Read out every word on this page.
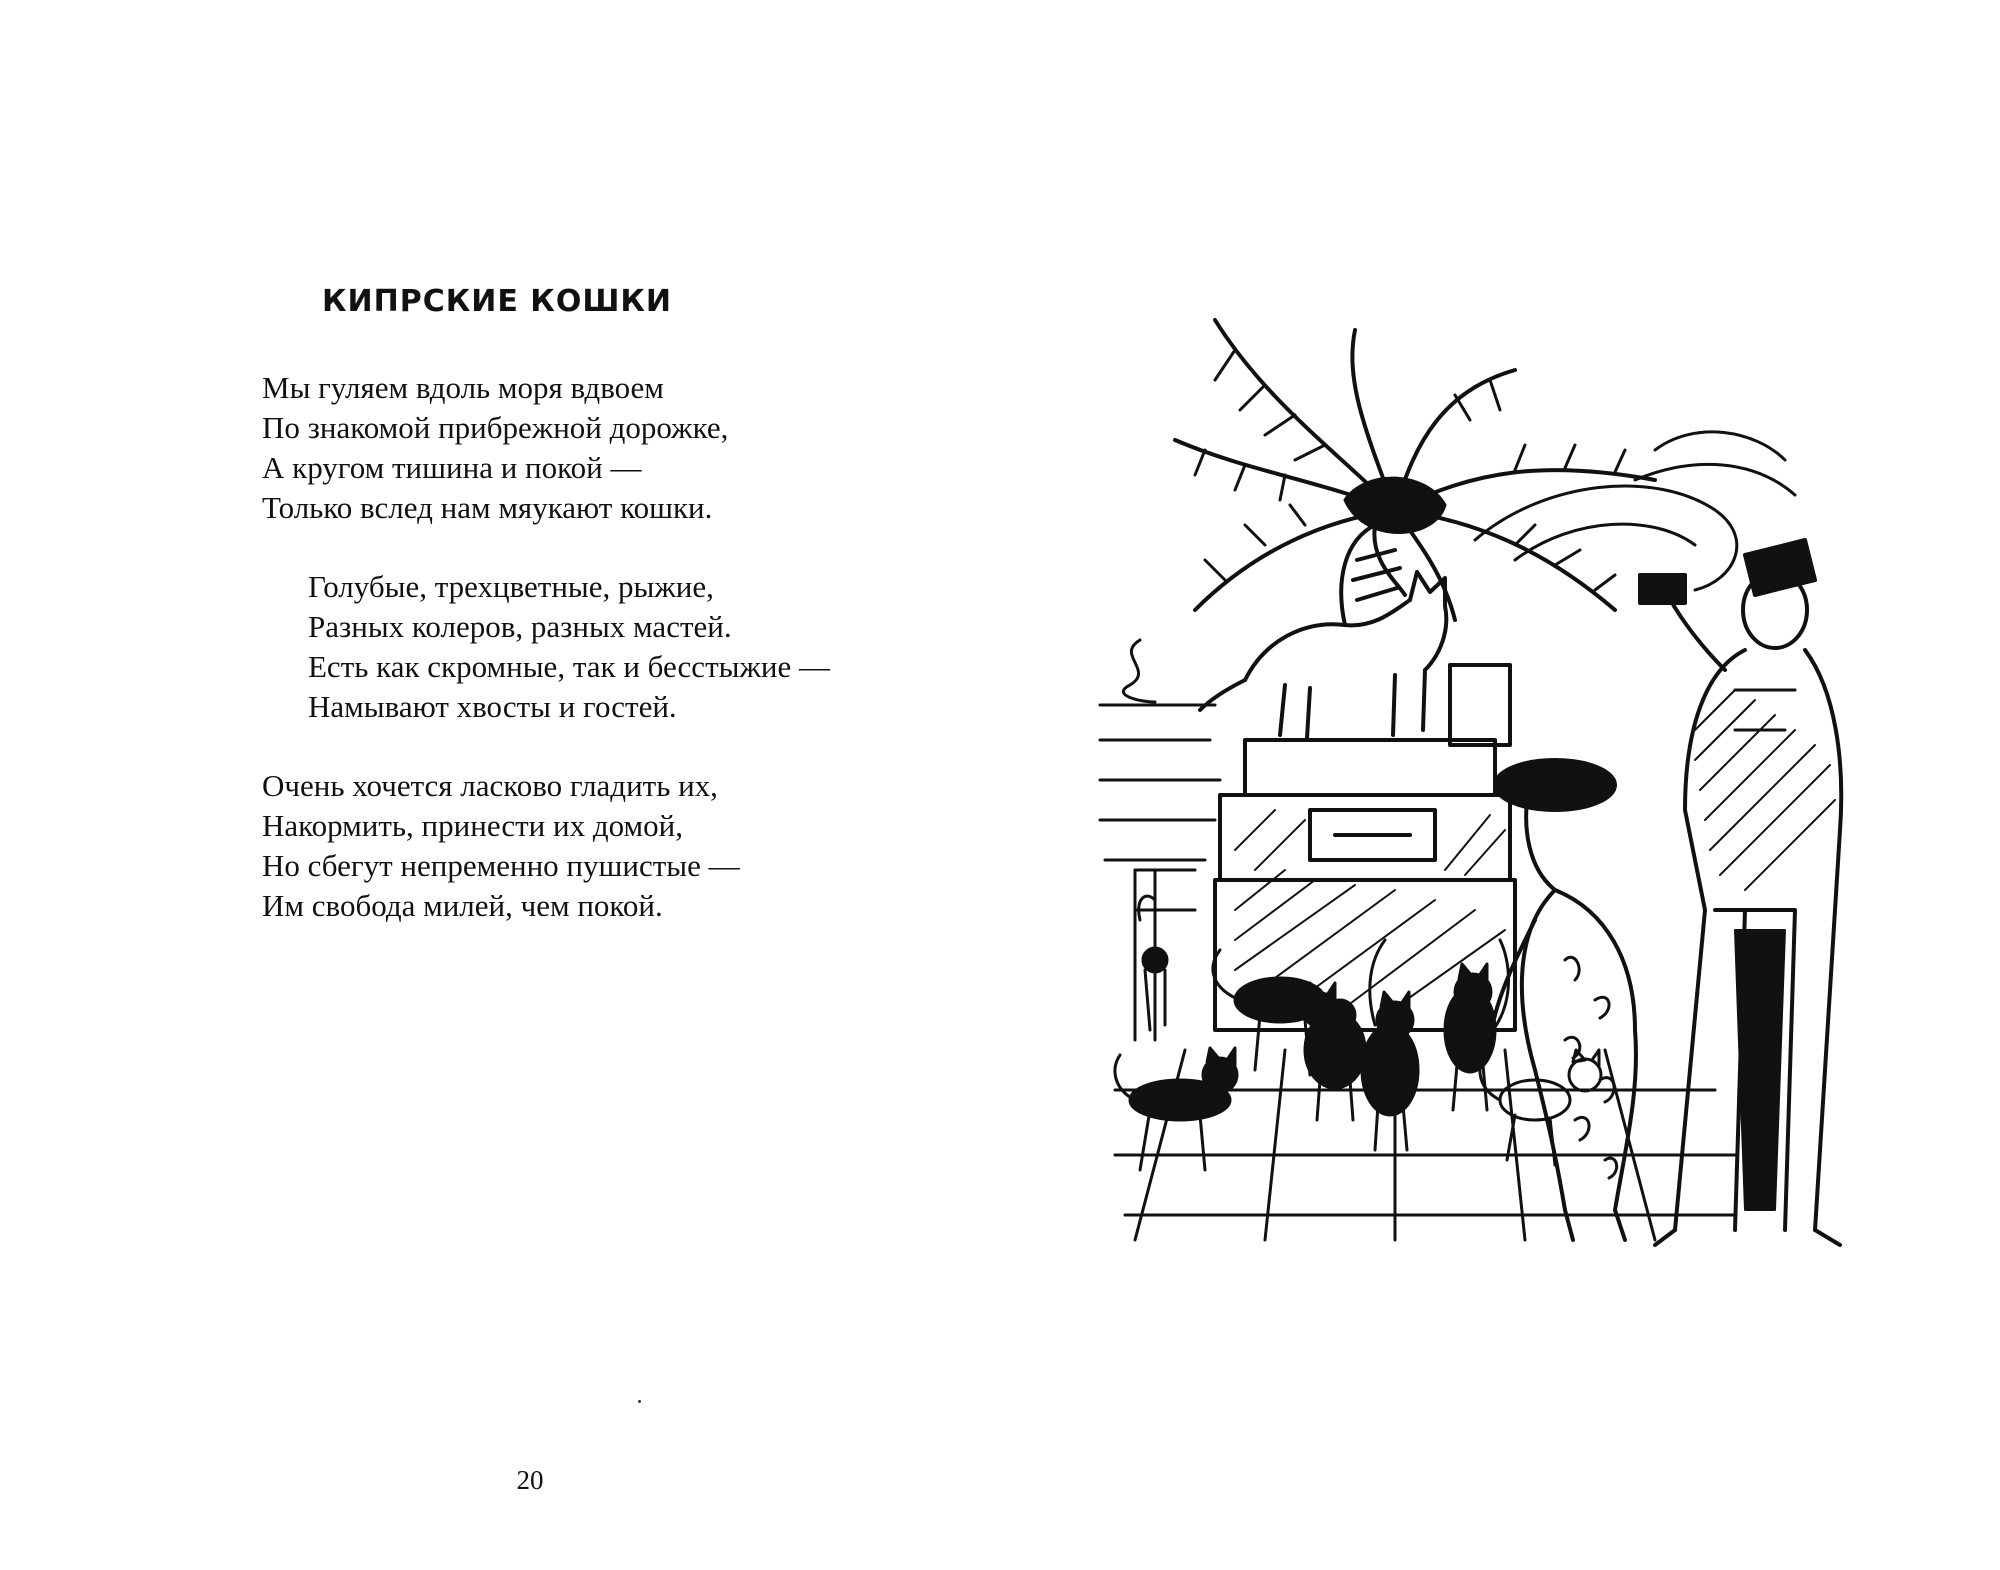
КИПРСКИЕ КОШКИ
Мы гуляем вдоль моря вдвоем
По знакомой прибрежной дорожке,
А кругом тишина и покой —
Только вслед нам мяукают кошки.
Голубые, трехцветные, рыжие,
Разных колеров, разных мастей.
Есть как скромные, так и бесстыжие —
Намывают хвосты и гостей.
Очень хочется ласково гладить их,
Накормить, принести их домой,
Но сбегут непременно пушистые —
Им свобода милей, чем покой.
20
